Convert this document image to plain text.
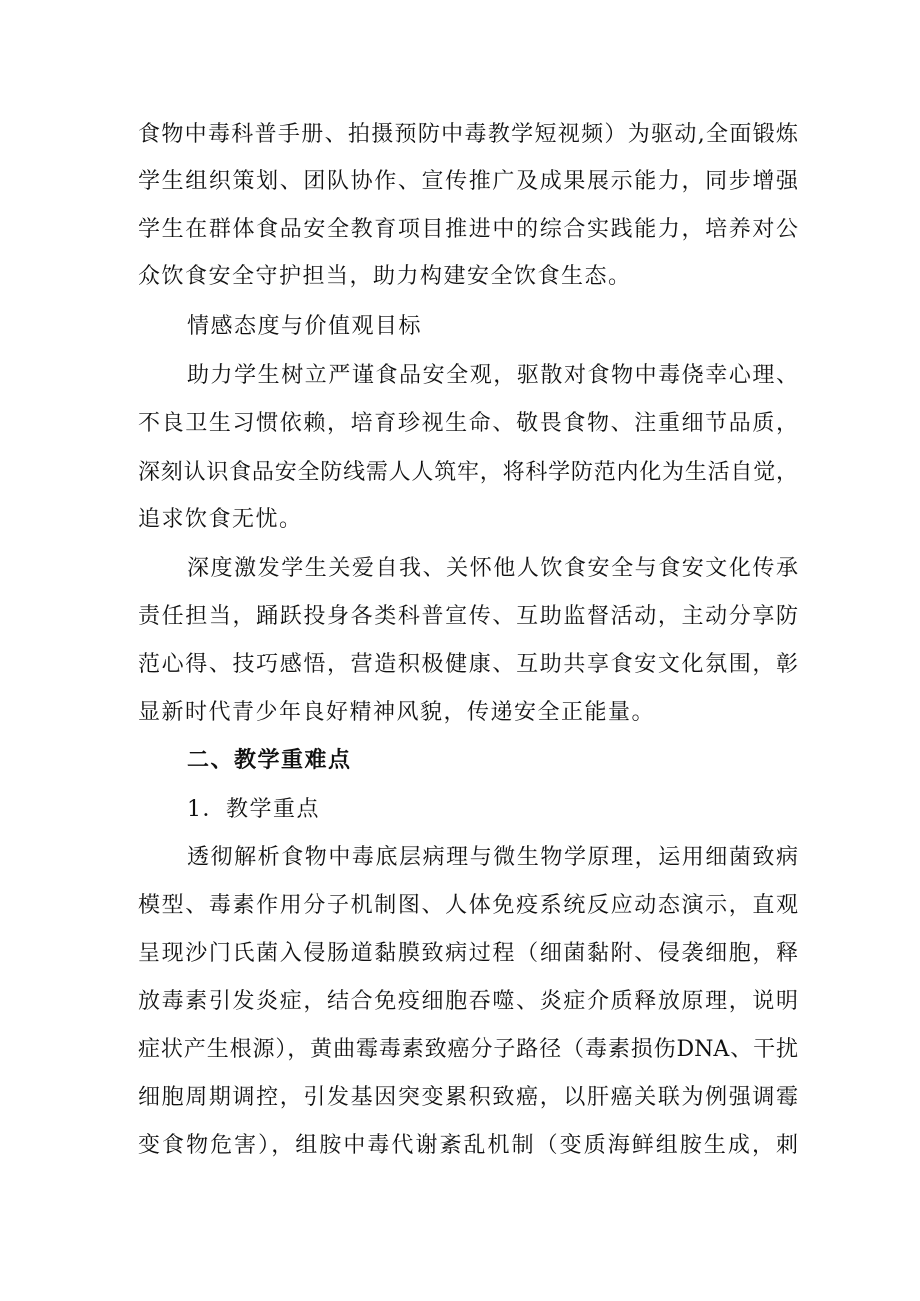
食物中毒科普手册、拍摄预防中毒教学短视频）为驱动,全面锻炼
学生组织策划、团队协作、宣传推广及成果展示能力，同步增强
学生在群体食品安全教育项目推进中的综合实践能力，培养对公
众饮食安全守护担当，助力构建安全饮食生态。
情感态度与价值观目标
助力学生树立严谨食品安全观，驱散对食物中毒侥幸心理、
不良卫生习惯依赖，培育珍视生命、敬畏食物、注重细节品质，
深刻认识食品安全防线需人人筑牢，将科学防范内化为生活自觉，
追求饮食无忧。
深度激发学生关爱自我、关怀他人饮食安全与食安文化传承
责任担当，踊跃投身各类科普宣传、互助监督活动，主动分享防
范心得、技巧感悟，营造积极健康、互助共享食安文化氛围，彰
显新时代青少年良好精神风貌，传递安全正能量。
二、教学重难点
1．教学重点
透彻解析食物中毒底层病理与微生物学原理，运用细菌致病
模型、毒素作用分子机制图、人体免疫系统反应动态演示，直观
呈现沙门氏菌入侵肠道黏膜致病过程（细菌黏附、侵袭细胞，释
放毒素引发炎症，结合免疫细胞吞噬、炎症介质释放原理，说明
症状产生根源），黄曲霉毒素致癌分子路径（毒素损伤DNA、干扰
细胞周期调控，引发基因突变累积致癌，以肝癌关联为例强调霉
变食物危害），组胺中毒代谢紊乱机制（变质海鲜组胺生成，刺
